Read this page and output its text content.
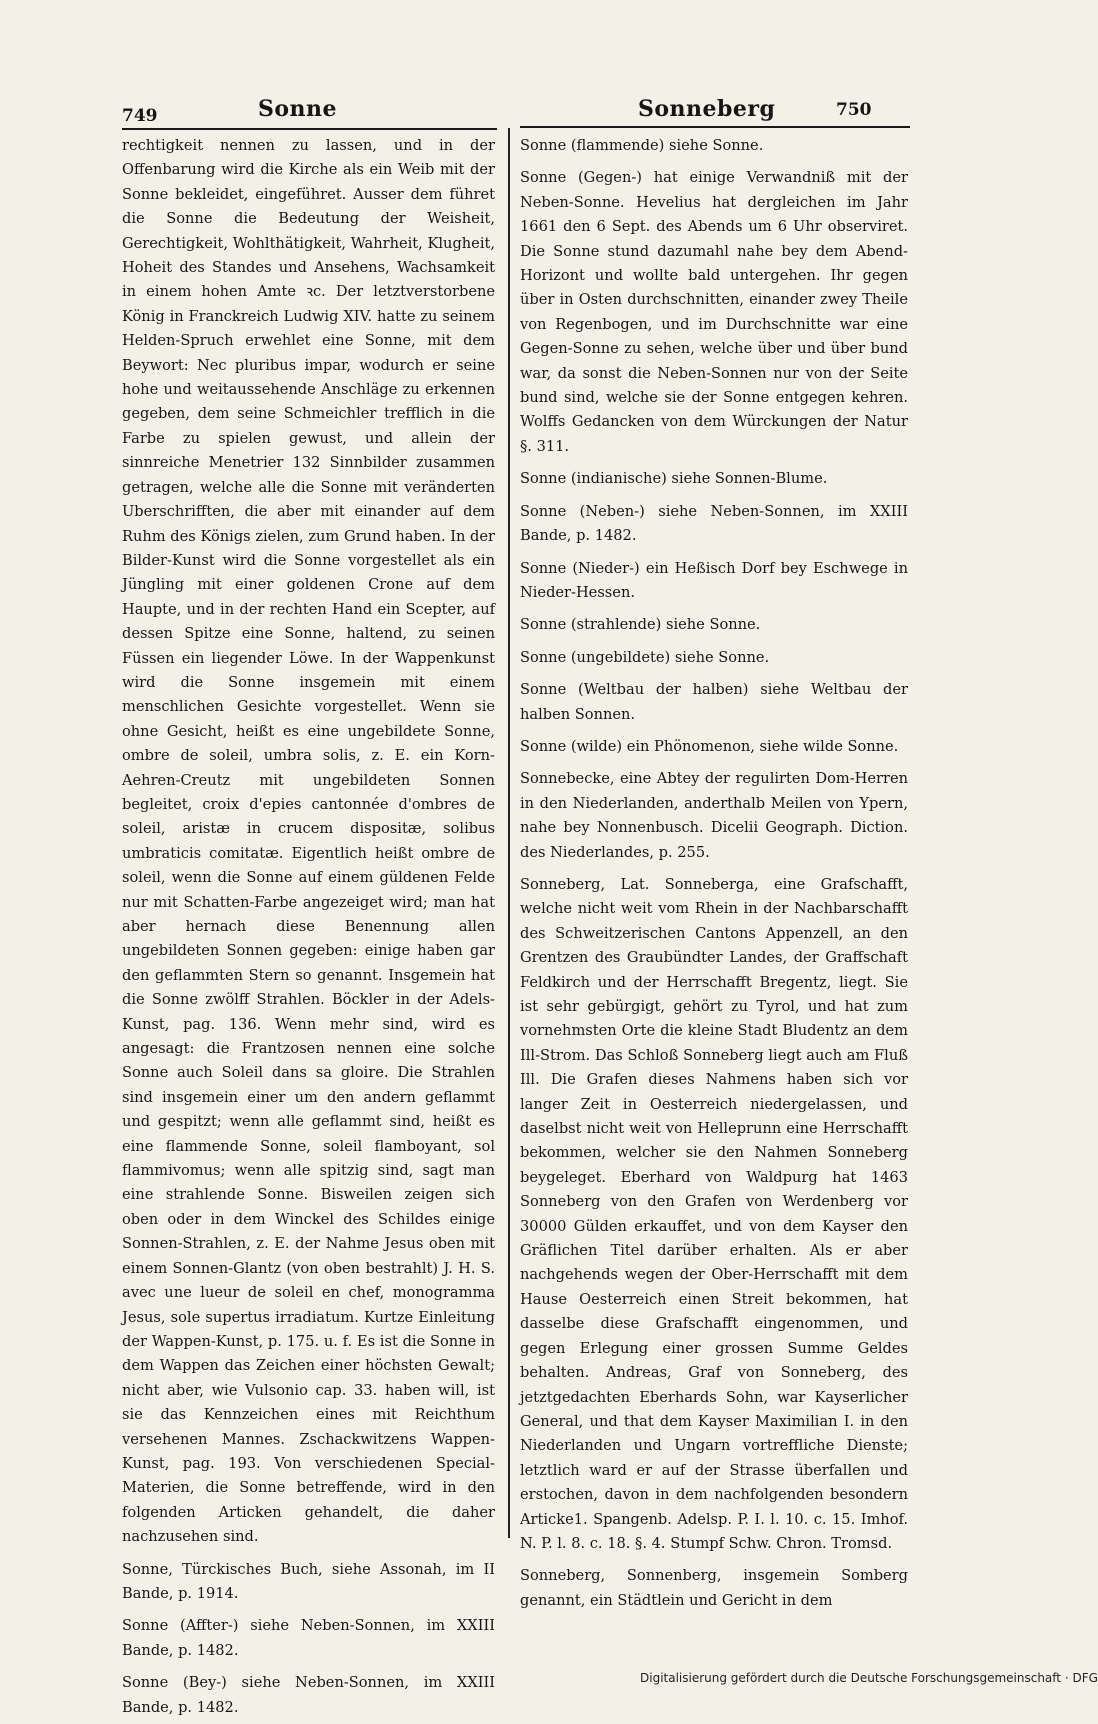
749	Sonne	Sonneberg	750

rechtigkeit nennen zu lassen, und in der Offenbarung wird die Kirche als ein Weib mit der Sonne bekleidet, eingeführet. Ausser dem führet die Sonne die Bedeutung der Weisheit, Gerechtigkeit, Wohlthätigkeit, Wahrheit, Klugheit, Hoheit des Standes und Ansehens, Wachsamkeit in einem hohen Amte ꝛc. Der letztverstorbene König in Franckreich Ludwig XIV. hatte zu seinem Helden-Spruch erwehlet eine Sonne, mit dem Beywort: Nec pluribus impar, wodurch er seine hohe und weitaussehende Anschläge zu erkennen gegeben, dem seine Schmeichler trefflich in die Farbe zu spielen gewust, und allein der sinnreiche Menetrier 132 Sinnbilder zusammen getragen, welche alle die Sonne mit veränderten Uberschrifften, die aber mit einander auf dem Ruhm des Königs zielen, zum Grund haben. In der Bilder-Kunst wird die Sonne vorgestellet als ein Jüngling mit einer goldenen Crone auf dem Haupte, und in der rechten Hand ein Scepter, auf dessen Spitze eine Sonne, haltend, zu seinen Füssen ein liegender Löwe. In der Wappenkunst wird die Sonne insgemein mit einem menschlichen Gesichte vorgestellet. Wenn sie ohne Gesicht, heißt es eine ungebildete Sonne, ombre de soleil, umbra solis, z. E. ein Korn-Aehren-Creutz mit ungebildeten Sonnen begleitet, croix d'epies cantonnée d'ombres de soleil, aristæ in crucem dispositæ, solibus umbraticis comitatæ. Eigentlich heißt ombre de soleil, wenn die Sonne auf einem güldenen Felde nur mit Schatten-Farbe angezeiget wird; man hat aber hernach diese Benennung allen ungebildeten Sonnen gegeben: einige haben gar den geflammten Stern so genannt. Insgemein hat die Sonne zwölff Strahlen. Böckler in der Adels-Kunst, pag. 136. Wenn mehr sind, wird es angesagt: die Frantzosen nennen eine solche Sonne auch Soleil dans sa gloire. Die Strahlen sind insgemein einer um den andern geflammt und gespitzt; wenn alle geflammt sind, heißt es eine flammende Sonne, soleil flamboyant, sol flammivomus; wenn alle spitzig sind, sagt man eine strahlende Sonne. Bisweilen zeigen sich oben oder in dem Winckel des Schildes einige Sonnen-Strahlen, z. E. der Nahme Jesus oben mit einem Sonnen-Glantz (von oben bestrahlt) J. H. S. avec une lueur de soleil en chef, monogramma Jesus, sole supertus irradiatum. Kurtze Einleitung der Wappen-Kunst, p. 175. u. f. Es ist die Sonne in dem Wappen das Zeichen einer höchsten Gewalt; nicht aber, wie Vulsonio cap. 33. haben will, ist sie das Kennzeichen eines mit Reichthum versehenen Mannes. Zschackwitzens Wappen-Kunst, pag. 193. Von verschiedenen Special-Materien, die Sonne betreffende, wird in den folgenden Articken gehandelt, die daher nachzusehen sind.

Sonne, Türckisches Buch, siehe Assonah, im II Bande, p. 1914.

Sonne (Affter-) siehe Neben-Sonnen, im XXIII Bande, p. 1482.

Sonne (Bey-) siehe Neben-Sonnen, im XXIII Bande, p. 1482.

Sonne (flammende) siehe Sonne.

Sonne (Gegen-) hat einige Verwandniß mit der Neben-Sonne. Hevelius hat dergleichen im Jahr 1661 den 6 Sept. des Abends um 6 Uhr observiret. Die Sonne stund dazumahl nahe bey dem Abend-Horizont und wollte bald untergehen. Ihr gegen über in Osten durchschnitten, einander zwey Theile von Regenbogen, und im Durchschnitte war eine Gegen-Sonne zu sehen, welche über und über bund war, da sonst die Neben-Sonnen nur von der Seite bund sind, welche sie der Sonne entgegen kehren. Wolffs Gedancken von dem Würckungen der Natur §. 311.

Sonne (indianische) siehe Sonnen-Blume.

Sonne (Neben-) siehe Neben-Sonnen, im XXIII Bande, p. 1482.

Sonne (Nieder-) ein Heßisch Dorf bey Eschwege in Nieder-Hessen.

Sonne (strahlende) siehe Sonne.

Sonne (ungebildete) siehe Sonne.

Sonne (Weltbau der halben) siehe Weltbau der halben Sonnen.

Sonne (wilde) ein Phönomenon, siehe wilde Sonne.

Sonnebecke, eine Abtey der regulirten Dom-Herren in den Niederlanden, anderthalb Meilen von Ypern, nahe bey Nonnenbusch. Dicelii Geograph. Diction. des Niederlandes, p. 255.

Sonneberg, Lat. Sonneberga, eine Grafschafft, welche nicht weit vom Rhein in der Nachbarschafft des Schweitzerischen Cantons Appenzell, an den Grentzen des Graubündter Landes, der Graffschaft Feldkirch und der Herrschafft Bregentz, liegt. Sie ist sehr gebürgigt, gehört zu Tyrol, und hat zum vornehmsten Orte die kleine Stadt Bludentz an dem Ill-Strom. Das Schloß Sonneberg liegt auch am Fluß Ill. Die Grafen dieses Nahmens haben sich vor langer Zeit in Oesterreich niedergelassen, und daselbst nicht weit von Helleprunn eine Herrschafft bekommen, welcher sie den Nahmen Sonneberg beygeleget. Eberhard von Waldpurg hat 1463 Sonneberg von den Grafen von Werdenberg vor 30000 Gülden erkauffet, und von dem Kayser den Gräflichen Titel darüber erhalten. Als er aber nachgehends wegen der Ober-Herrschafft mit dem Hause Oesterreich einen Streit bekommen, hat dasselbe diese Grafschafft eingenommen, und gegen Erlegung einer grossen Summe Geldes behalten. Andreas, Graf von Sonneberg, des jetztgedachten Eberhards Sohn, war Kayserlicher General, und that dem Kayser Maximilian I. in den Niederlanden und Ungarn vortreffliche Dienste; letztlich ward er auf der Strasse überfallen und erstochen, davon in dem nachfolgenden besondern Articke1. Spangenb. Adelsp. P. I. l. 10. c. 15. Imhof. N. P. l. 8. c. 18. §. 4. Stumpf Schw. Chron. Tromsd.

Sonneberg, Sonnenberg, insgemein Somberg genannt, ein Städtlein und Gericht in dem

Digitalisierung gefördert durch die Deutsche Forschungsgemeinschaft · DFG
